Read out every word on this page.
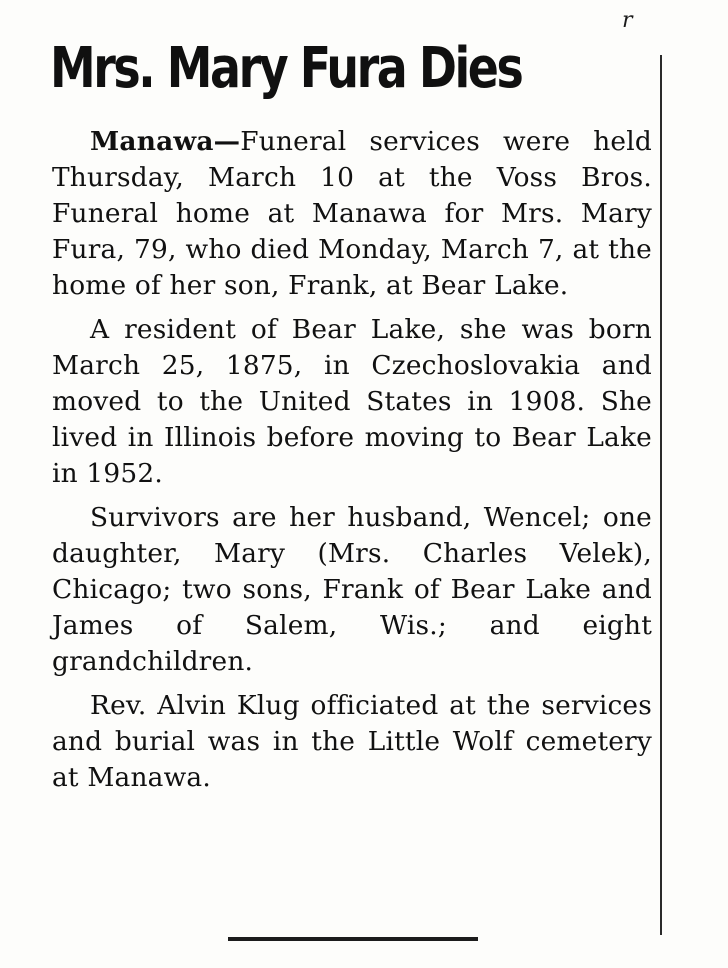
r
Mrs. Mary Fura Dies

Manawa—Funeral services were held Thursday, March 10 at the Voss Bros. Funeral home at Manawa for Mrs. Mary Fura, 79, who died Monday, March 7, at the home of her son, Frank, at Bear Lake.

A resident of Bear Lake, she was born March 25, 1875, in Czechoslovakia and moved to the United States in 1908. She lived in Illinois before moving to Bear Lake in 1952.

Survivors are her husband, Wencel; one daughter, Mary (Mrs. Charles Velek), Chicago; two sons, Frank of Bear Lake and James of Salem, Wis.; and eight grandchildren.

Rev. Alvin Klug officiated at the services and burial was in the Little Wolf cemetery at Manawa.
